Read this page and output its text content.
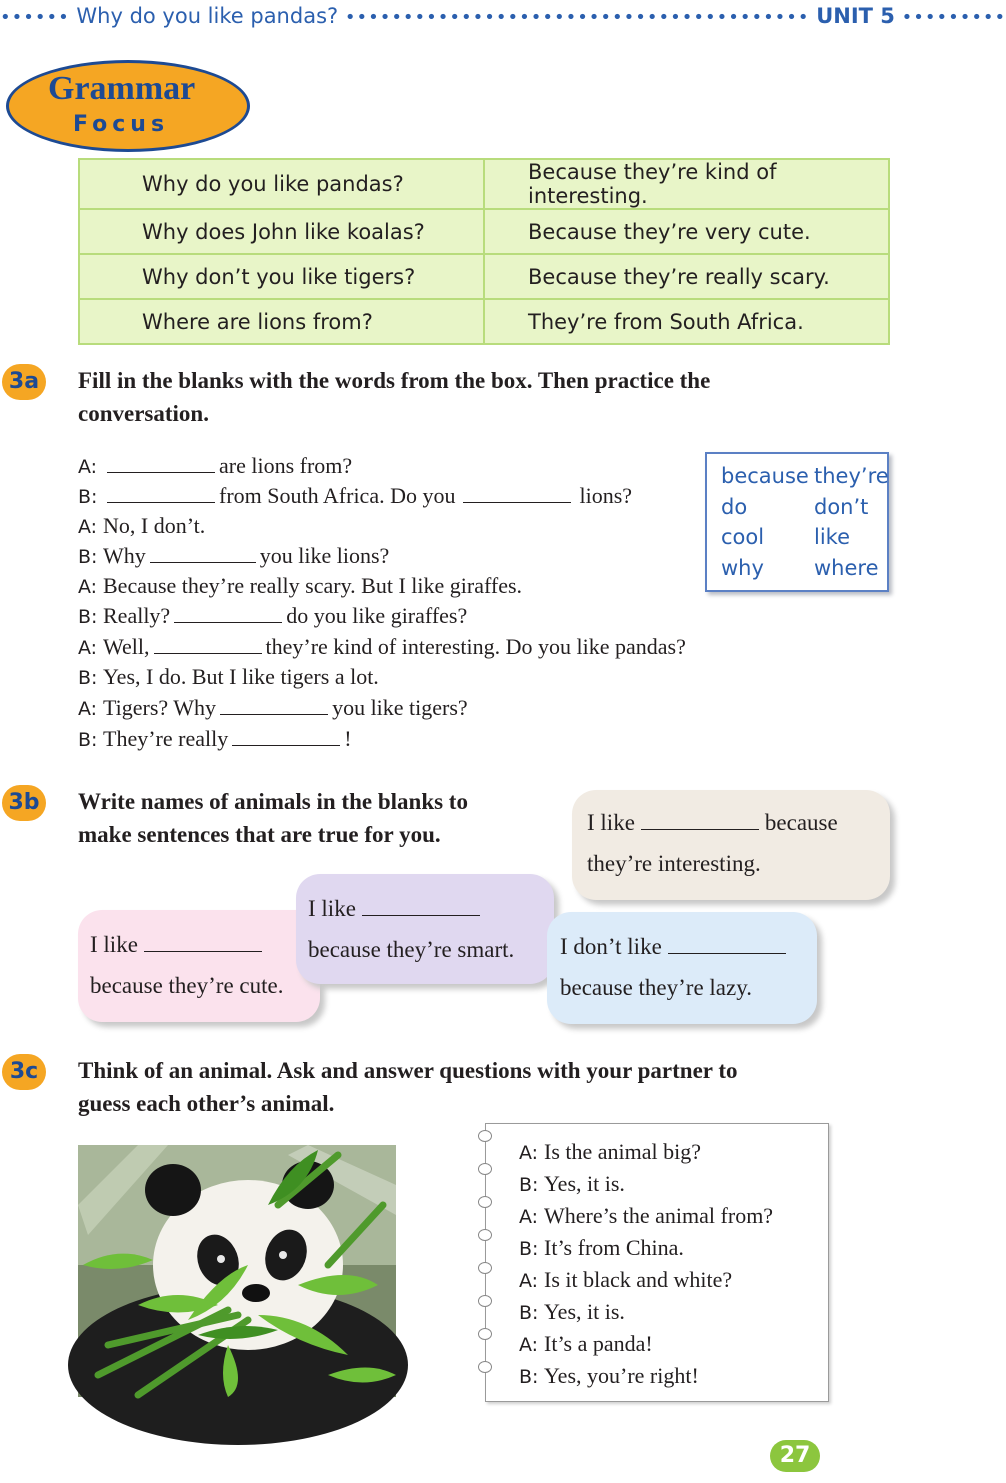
•••••• Why do you like pandas? •••••••••••••••••••••••••••••••••••••••• UNIT 5 •••••••••
Grammar
Focus
Why do you like pandas?	Because they’re kind of interesting.
Why does John like koalas?	Because they’re very cute.
Why don’t you like tigers?	Because they’re really scary.
Where are lions from?	They’re from South Africa.
3a	Fill in the blanks with the words from the box. Then practice the
conversation.
A:	are lions from?
B:	from South Africa. Do you	lions?
A: No, I don’t.
B: Why	you like lions?
A: Because they’re really scary. But I like giraffes.
B: Really?	do you like giraffes?
A: Well,	they’re kind of interesting. Do you like pandas?
B: Yes, I do. But I like tigers a lot.
A: Tigers? Why	you like tigers?
B: They’re really	!
because they’re
do	don’t
cool like
why where
3b Write names of animals in the blanks to
make sentences that are true for you.	I like	because
they’re interesting.
I like
because they’re cute.
I like
because they’re smart.	I don’t like
because they’re lazy.
3c	Think of an animal. Ask and answer questions with your partner to
guess each other’s animal.
A: Is the animal big?
B: Yes, it is.
A: Where’s the animal from?
B: It’s from China.
A: Is it black and white?
B: Yes, it is.
A: It’s a panda!
B: Yes, you’re right!
27
